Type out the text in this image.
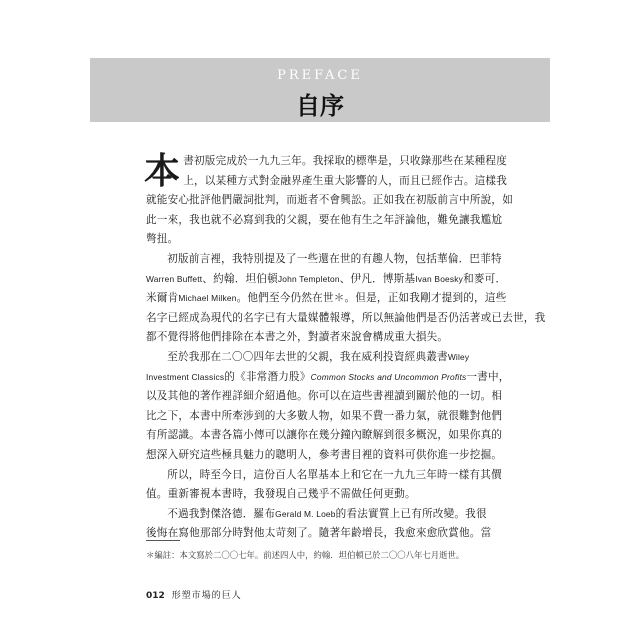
PREFACE
自序
本 書初版完成於一九九三年。我採取的標準是，只收錄那些在某種程度
上，以某種方式對金融界產生重大影響的人，而且已經作古。這樣我
就能安心批評他們嚴詞批判，而逝者不會興訟。正如我在初版前言中所說，如
此一來，我也就不必寫到我的父親，要在他有生之年評論他，難免讓我尷尬
彆扭。
初版前言裡，我特別提及了一些還在世的有趣人物，包括華倫．巴菲特
Warren Buffett、約翰．坦伯頓John Templeton、伊凡．博斯基Ivan Boesky和麥可．
米爾肯Michael Milken。他們至今仍然在世＊。但是，正如我剛才提到的，這些
名字已經成為現代的名字已有大量媒體報導，所以無論他們是否仍活著或已去世，我
都不覺得將他們排除在本書之外，對讀者來說會構成重大損失。
至於我那在二〇〇四年去世的父親，我在威利投資經典叢書Wiley
Investment Classics的《非常潛力股》Common Stocks and Uncommon Profits一書中，
以及其他的著作裡詳細介紹過他。你可以在這些書裡讀到關於他的一切。相
比之下，本書中所牽涉到的大多數人物，如果不費一番力氣，就很難對他們
有所認識。本書各篇小傳可以讓你在幾分鐘內瞭解到很多概況，如果你真的
想深入研究這些極具魅力的聰明人，參考書目裡的資料可供你進一步挖掘。
所以，時至今日，這份百人名單基本上和它在一九九三年時一樣有其價
值。重新審視本書時，我發現自己幾乎不需做任何更動。
不過我對傑洛德．羅布Gerald M. Loeb的看法實質上已有所改變。我很
後悔在寫他那部分時對他太苛刻了。隨著年齡增長，我愈來愈欣賞他。當
＊編註：本文寫於二〇〇七年。前述四人中，約翰．坦伯頓已於二〇〇八年七月逝世。
012 形塑市場的巨人
